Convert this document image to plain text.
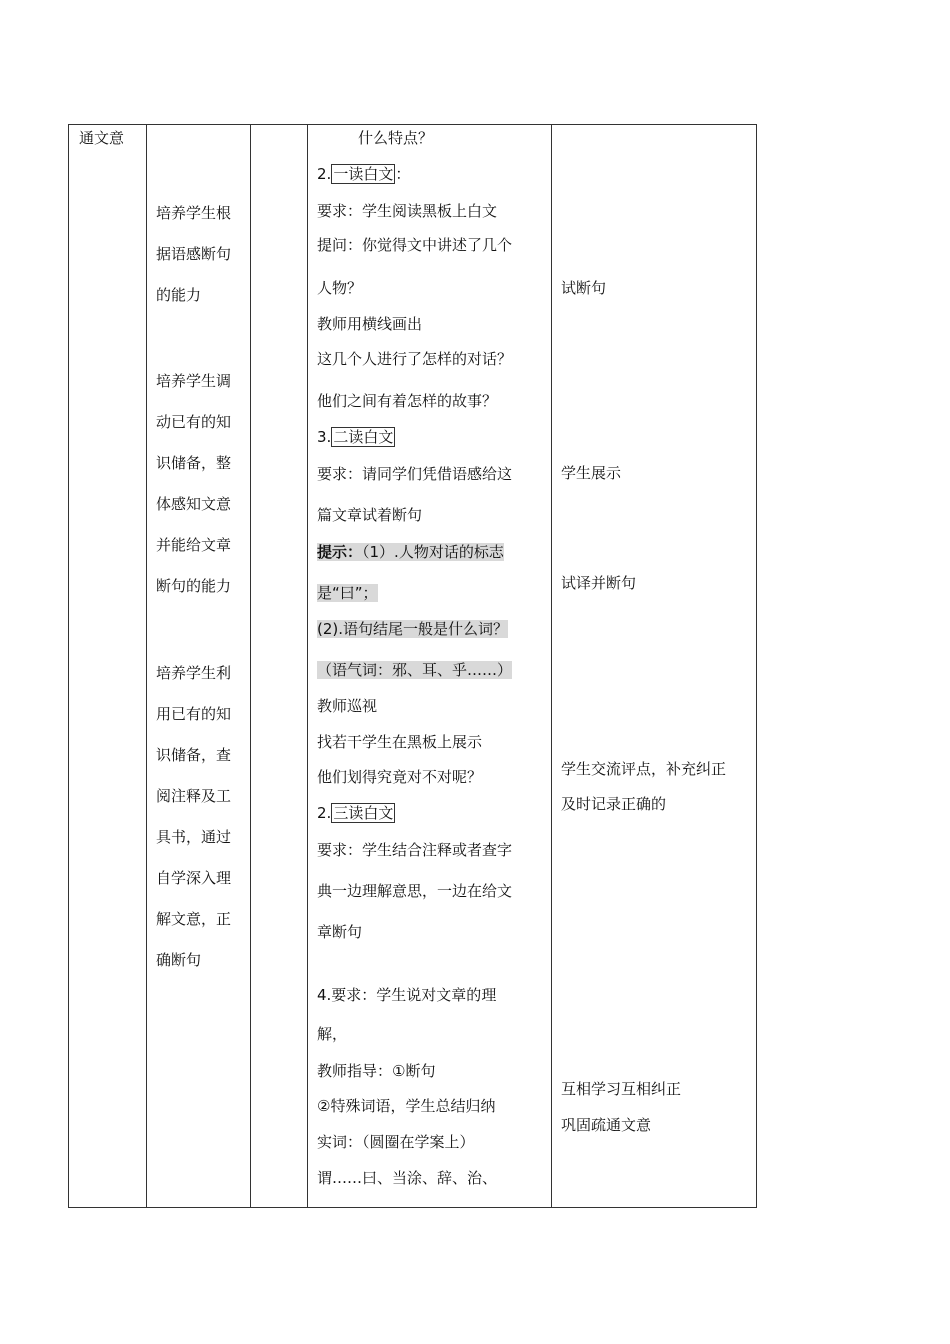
通文意
培养学生根
据语感断句
的能力
培养学生调
动已有的知
识储备，整
体感知文意
并能给文章
断句的能力
培养学生利
用已有的知
识储备，查
阅注释及工
具书，通过
自学深入理
解文意，正
确断句
什么特点？
2. 一读白文 ：
要求：学生阅读黑板上白文
提问：你觉得文中讲述了几个
人物？
教师用横线画出
这几个人进行了怎样的对话？
他们之间有着怎样的故事？
3. 二读白文
要求：请同学们凭借语感给这
篇文章试着断句
提示：（1）.人物对话的标志
是“曰”；
(2).语句结尾一般是什么词？
（语气词：邪、耳、乎……）
教师巡视
找若干学生在黑板上展示
他们划得究竟对不对呢？
2. 三读白文
要求：学生结合注释或者查字
典一边理解意思，一边在给文
章断句
4.要求：学生说对文章的理
解，
教师指导：①断句
②特殊词语，学生总结归纳
实词：（圆圈在学案上）
谓……曰、当涂、辞、治、
试断句
学生展示
试译并断句
学生交流评点，补充纠正
及时记录正确的
互相学习互相纠正
巩固疏通文意
